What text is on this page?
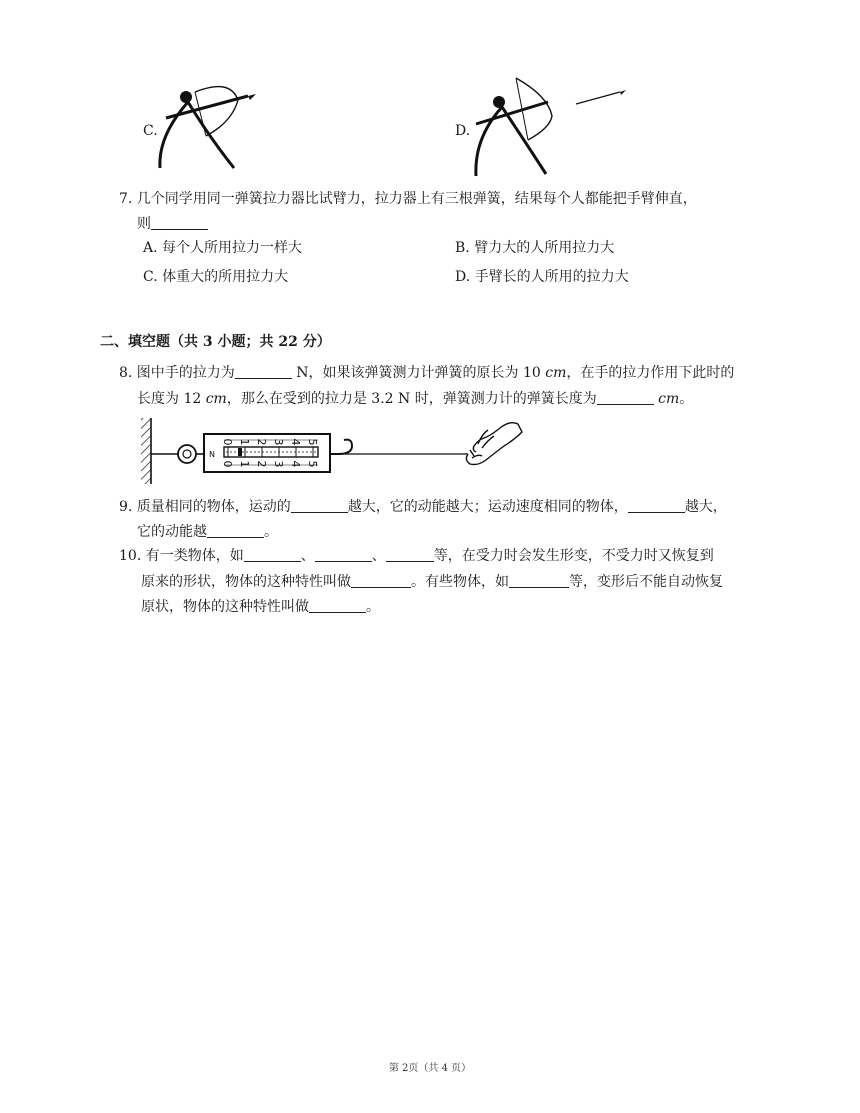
C.	D.
7. 几个同学用同一弹簧拉力器比试臂力，拉力器上有三根弹簧，结果每个人都能把手臂伸直，
则
A. 每个人所用拉力一样大	B. 臂力大的人所用拉力大
C. 体重大的所用拉力大	D. 手臂长的人所用的拉力大
二、填空题（共 3 小题；共 22 分）
8. 图中手的拉力为	N，如果该弹簧测力计弹簧的原长为 10 cm，在手的拉力作用下此时的
长度为 12 cm，那么在受到的拉力是 3.2 N 时，弹簧测力计的弹簧长度为	cm。
0 1 2 3 4 5
0 1 2 3 4 5
N
9. 质量相同的物体，运动的	越大，它的动能越大；运动速度相同的物体，	越大，
它的动能越	。
10. 有一类物体，如	、	、	等，在受力时会发生形变，不受力时又恢复到
原来的形状，物体的这种特性叫做	。有些物体，如	等，变形后不能自动恢复
原状，物体的这种特性叫做	。
第 2页（共 4 页）
